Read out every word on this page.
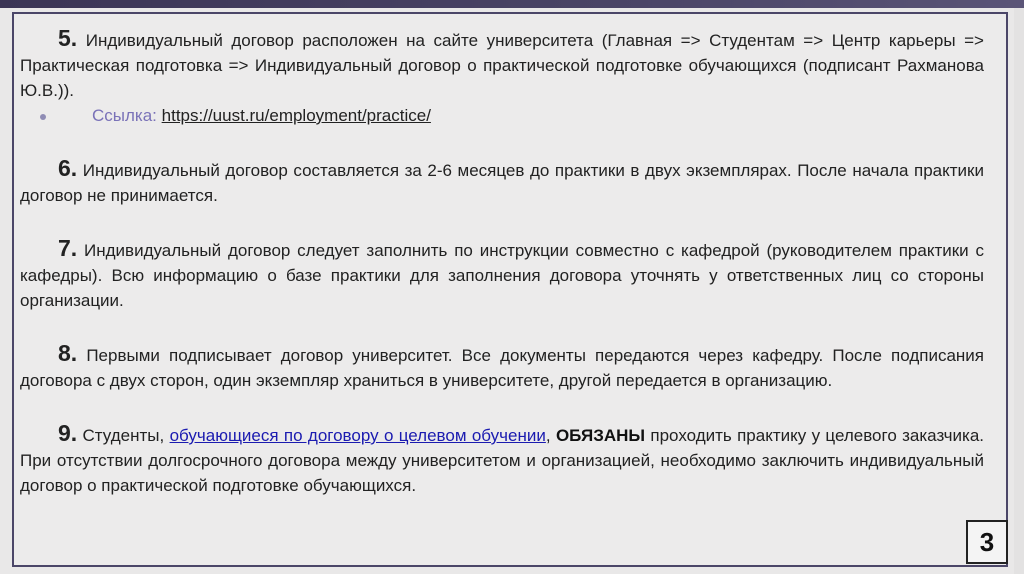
5. Индивидуальный договор расположен на сайте университета (Главная => Студентам => Центр карьеры => Практическая подготовка => Индивидуальный договор о практической подготовке обучающихся (подписант Рахманова Ю.В.)).

Ссылка: https://uust.ru/employment/practice/

6. Индивидуальный договор составляется за 2-6 месяцев до практики в двух экземплярах. После начала практики договор не принимается.

7. Индивидуальный договор следует заполнить по инструкции совместно с кафедрой (руководителем практики с кафедры). Всю информацию о базе практики для заполнения договора уточнять у ответственных лиц со стороны организации.

8. Первыми подписывает договор университет. Все документы передаются через кафедру. После подписания договора с двух сторон, один экземпляр храниться в университете, другой передается в организацию.

9. Студенты, обучающиеся по договору о целевом обучении, ОБЯЗАНЫ проходить практику у целевого заказчика. При отсутствии долгосрочного договора между университетом и организацией, необходимо заключить индивидуальный договор о практической подготовке обучающихся.

3
